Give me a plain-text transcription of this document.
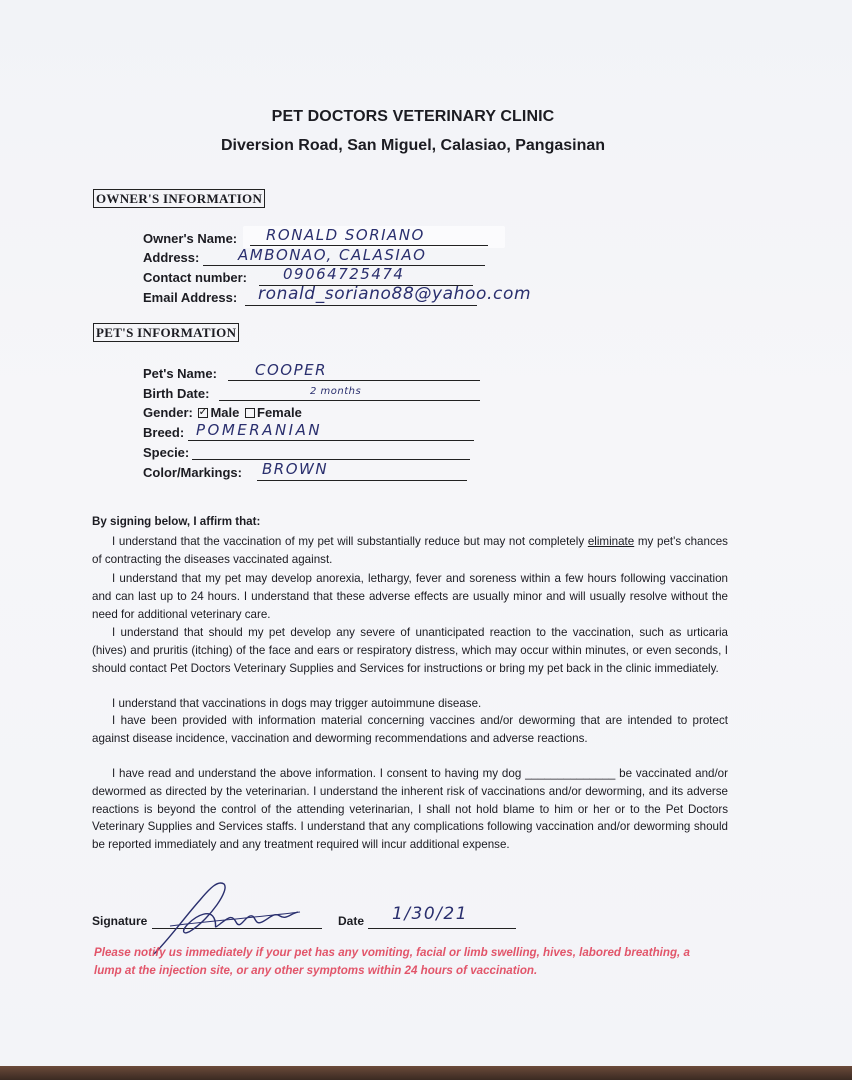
PET DOCTORS VETERINARY CLINIC
Diversion Road, San Miguel, Calasiao, Pangasinan
OWNER'S INFORMATION
Owner's Name: RONALD SORIANO
Address:	AMBONAO, CALASIAO
Contact number: 09064725474
Email Address: ronald_soriano88@yahoo.com
PET'S INFORMATION
Pet's Name:	COOPER
Birth Date:	2 months
Gender: ✓ Male Female
Breed: POMERANIAN
Specie:
Color/Markings: BROWN
By signing below, I affirm that:
I understand that the vaccination of my pet will substantially reduce but may not completely eliminate my pet's chances of contracting the diseases vaccinated against.
I understand that my pet may develop anorexia, lethargy, fever and soreness within a few hours following vaccination and can last up to 24 hours. I understand that these adverse effects are usually minor and will usually resolve without the need for additional veterinary care.
I understand that should my pet develop any severe of unanticipated reaction to the vaccination, such as urticaria (hives) and pruritis (itching) of the face and ears or respiratory distress, which may occur within minutes, or even seconds, I should contact Pet Doctors Veterinary Supplies and Services for instructions or bring my pet back in the clinic immediately.
I understand that vaccinations in dogs may trigger autoimmune disease.
I have been provided with information material concerning vaccines and/or deworming that are intended to protect against disease incidence, vaccination and deworming recommendations and adverse reactions.
I have read and understand the above information. I consent to having my dog ______________ be vaccinated and/or dewormed as directed by the veterinarian. I understand the inherent risk of vaccinations and/or deworming, and its adverse reactions is beyond the control of the attending veterinarian, I shall not hold blame to him or her or to the Pet Doctors Veterinary Supplies and Services staffs. I understand that any complications following vaccination and/or deworming should be reported immediately and any treatment required will incur additional expense.
Signature	Date 1/30/21
Please notify us immediately if your pet has any vomiting, facial or limb swelling, hives, labored breathing, a lump at the injection site, or any other symptoms within 24 hours of vaccination.
